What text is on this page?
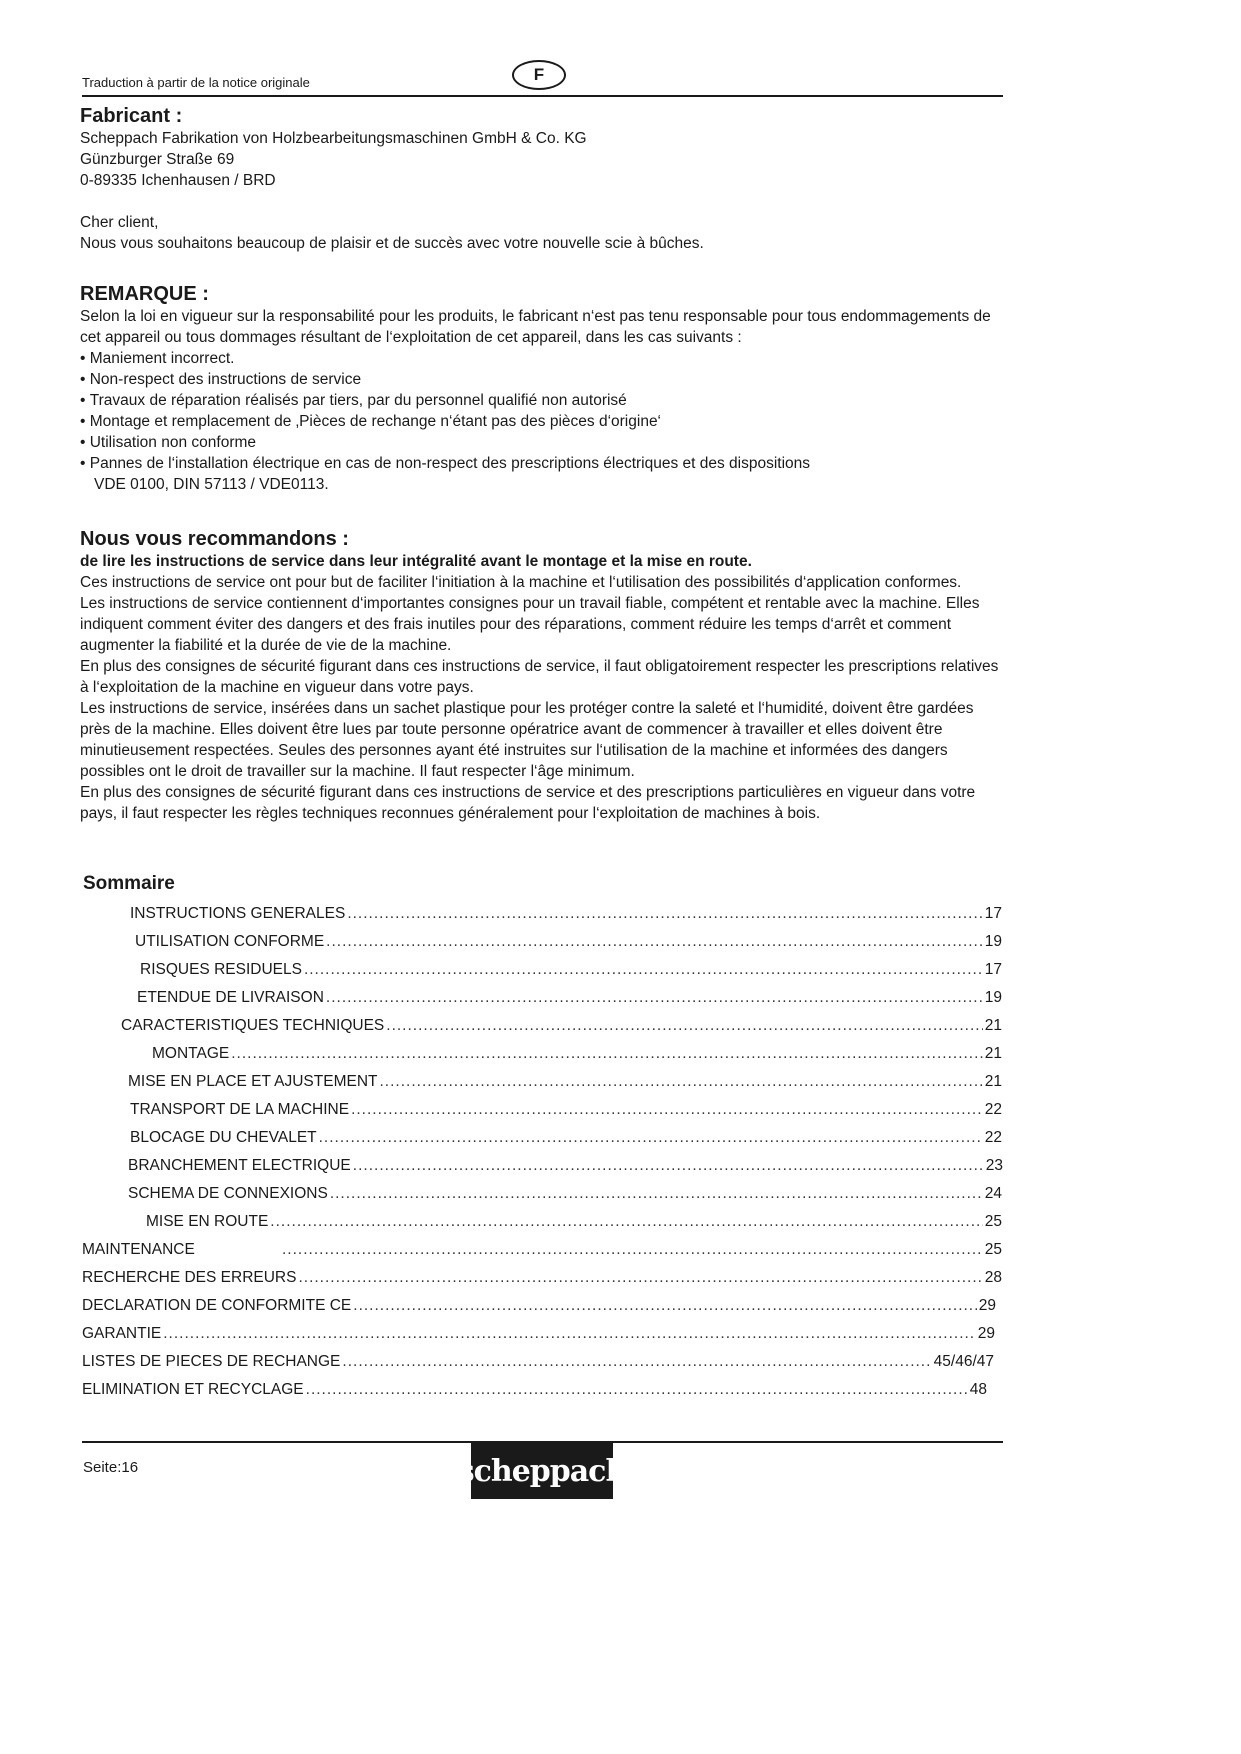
Traduction à partir de la notice originale	F
Fabricant :

Scheppach Fabrikation von Holzbearbeitungsmaschinen GmbH & Co. KG

Günzburger Straße 69

0-89335 Ichenhausen / BRD

Cher client,

Nous vous souhaitons beaucoup de plaisir et de succès avec votre nouvelle scie à bûches.

REMARQUE :

Selon la loi en vigueur sur la responsabilité pour les produits, le fabricant n‘est pas tenu responsable pour tous endommagements de cet appareil ou tous dommages résultant de l‘exploitation de cet appareil, dans les cas suivants :

• Maniement incorrect.
• Non-respect des instructions de service
• Travaux de réparation réalisés par tiers, par du personnel qualifié non autorisé
• Montage et remplacement de ‚Pièces de rechange n‘étant pas des pièces d‘origine‘
• Utilisation non conforme
• Pannes de l‘installation électrique en cas de non-respect des prescriptions électriques et des dispositions

VDE 0100, DIN 57113 / VDE0113.

Nous vous recommandons :

de lire les instructions de service dans leur intégralité avant le montage et la mise en route.

Ces instructions de service ont pour but de faciliter l‘initiation à la machine et l‘utilisation des possibilités d‘application conformes.

Les instructions de service contiennent d‘importantes consignes pour un travail fiable, compétent et rentable avec la machine. Elles indiquent comment éviter des dangers et des frais inutiles pour des réparations, comment réduire les temps d‘arrêt et comment augmenter la fiabilité et la durée de vie de la machine.

En plus des consignes de sécurité figurant dans ces instructions de service, il faut obligatoirement respecter les prescriptions relatives à l‘exploitation de la machine en vigueur dans votre pays.

Les instructions de service, insérées dans un sachet plastique pour les protéger contre la saleté et l‘humidité, doivent être gardées près de la machine. Elles doivent être lues par toute personne opératrice avant de commencer à travailler et elles doivent être minutieusement respectées. Seules des personnes ayant été instruites sur l‘utilisation de la machine et informées des dangers possibles ont le droit de travailler sur la machine. Il faut respecter l‘âge minimum.

En plus des consignes de sécurité figurant dans ces instructions de service et des prescriptions particulières en vigueur dans votre pays, il faut respecter les règles techniques reconnues généralement pour l‘exploitation de machines à bois.

Sommaire
INSTRUCTIONS GENERALES .....	17
UTILISATION CONFORME .....	19
RISQUES RESIDUELS .....	17
ETENDUE DE LIVRAISON .....	19
CARACTERISTIQUES TECHNIQUES .....	21
MONTAGE .....	21
MISE EN PLACE ET AJUSTEMENT .....	21
TRANSPORT DE LA MACHINE .....	22
BLOCAGE DU CHEVALET .....	22
BRANCHEMENT ELECTRIQUE .....	23
SCHEMA DE CONNEXIONS .....	24
MISE EN ROUTE .....	25
MAINTENANCE .....	25
RECHERCHE DES ERREURS .....	28
DECLARATION DE CONFORMITE CE .....	29
GARANTIE .....	29
LISTES DE PIECES DE RECHANGE .....	45/46/47
ELIMINATION ET RECYCLAGE .....	48
Seite:16	scheppach
